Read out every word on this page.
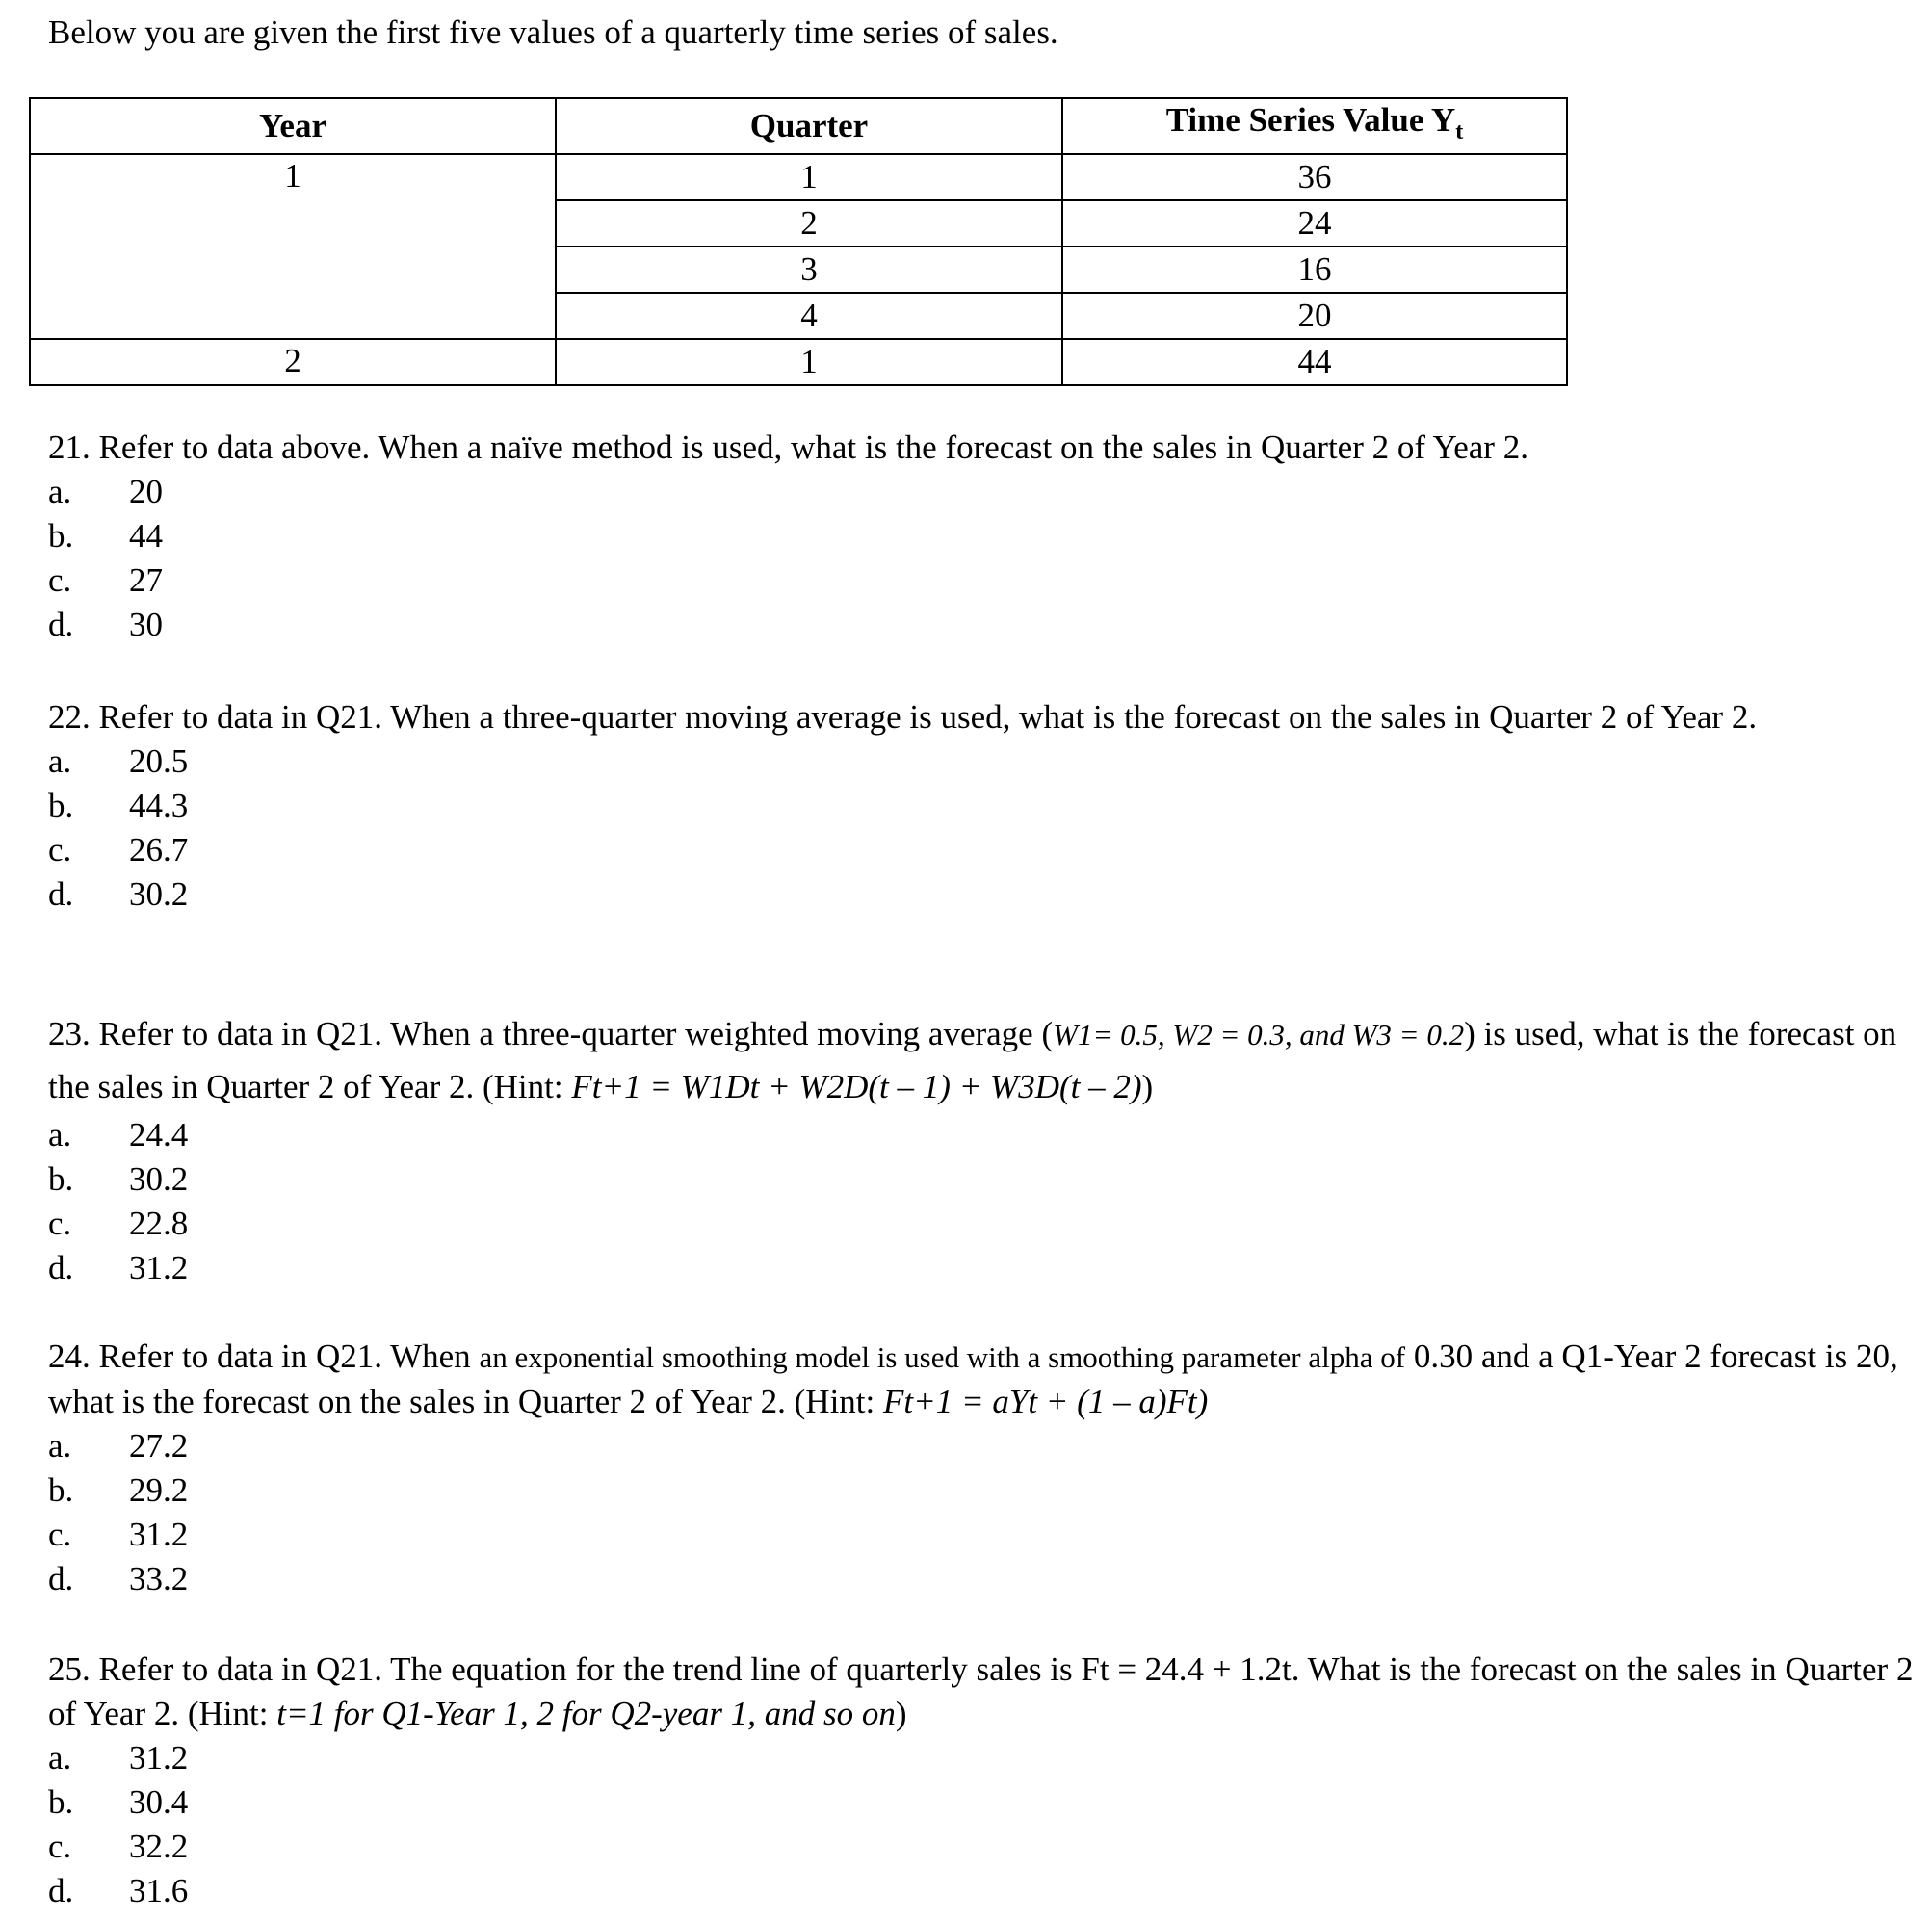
Below you are given the first five values of a quarterly time series of sales.
Year	Quarter	Time Series Value $Y_t$
1	1	36
	2	24
	3	16
	4	20
2	1	44

21. Refer to data above. When a naïve method is used, what is the forecast on the sales in Quarter 2 of Year 2.

a. 20
b. 44
c. 27
d. 30

22. Refer to data in Q21. When a three-quarter moving average is used, what is the forecast on the sales in Quarter 2 of Year 2.

a. 20.5
b. 44.3
c. 26.7
d. 30.2

23. Refer to data in Q21. When a three-quarter weighted moving average (W1= 0.5, W2 = 0.3, and W3 = 0.2) is used, what is the forecast on the sales in Quarter 2 of Year 2. (Hint: Ft+1 = W1Dt + W2D(t – 1) + W3D(t – 2))

a. 24.4
b. 30.2
c. 22.8
d. 31.2

24. Refer to data in Q21. When an exponential smoothing model is used with a smoothing parameter alpha of 0.30 and a Q1-Year 2 forecast is 20, what is the forecast on the sales in Quarter 2 of Year 2. (Hint: Ft+1 = aYt + (1 – a)Ft)

a. 27.2
b. 29.2
c. 31.2
d. 33.2

25. Refer to data in Q21. The equation for the trend line of quarterly sales is Ft = 24.4 + 1.2t. What is the forecast on the sales in Quarter 2 of Year 2. (Hint: t=1 for Q1-Year 1, 2 for Q2-year 1, and so on)

a. 31.2
b. 30.4
c. 32.2
d. 31.6
